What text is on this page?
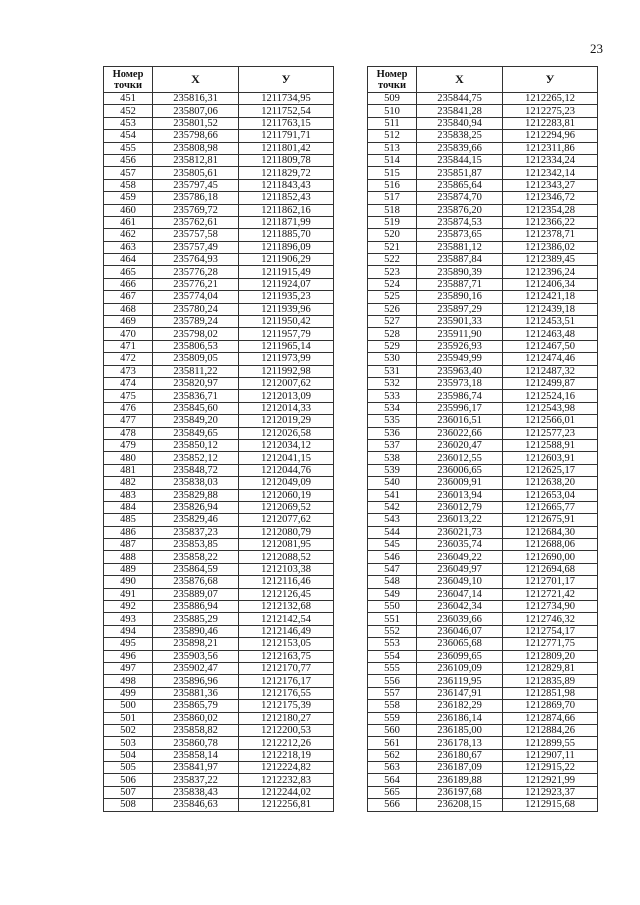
23
Номер
точки	X	У
451	235816,31	1211734,95
452	235807,06	1211752,54
453	235801,52	1211763,15
454	235798,66	1211791,71
455	235808,98	1211801,42
456	235812,81	1211809,78
457	235805,61	1211829,72
458	235797,45	1211843,43
459	235786,18	1211852,43
460	235769,72	1211862,16
461	235762,61	1211871,99
462	235757,58	1211885,70
463	235757,49	1211896,09
464	235764,93	1211906,29
465	235776,28	1211915,49
466	235776,21	1211924,07
467	235774,04	1211935,23
468	235780,24	1211939,96
469	235789,24	1211950,42
470	235798,02	1211957,79
471	235806,53	1211965,14
472	235809,05	1211973,99
473	235811,22	1211992,98
474	235820,97	1212007,62
475	235836,71	1212013,09
476	235845,60	1212014,33
477	235849,20	1212019,29
478	235849,65	1212026,58
479	235850,12	1212034,12
480	235852,12	1212041,15
481	235848,72	1212044,76
482	235838,03	1212049,09
483	235829,88	1212060,19
484	235826,94	1212069,52
485	235829,46	1212077,62
486	235837,23	1212080,79
487	235853,85	1212081,95
488	235858,22	1212088,52
489	235864,59	1212103,38
490	235876,68	1212116,46
491	235889,07	1212126,45
492	235886,94	1212132,68
493	235885,29	1212142,54
494	235890,46	1212146,49
495	235898,21	1212153,05
496	235903,56	1212163,75
497	235902,47	1212170,77
498	235896,96	1212176,17
499	235881,36	1212176,55
500	235865,79	1212175,39
501	235860,02	1212180,27
502	235858,82	1212200,53
503	235860,78	1212212,26
504	235858,14	1212218,19
505	235841,97	1212224,82
506	235837,22	1212232,83
507	235838,43	1212244,02
508	235846,63	1212256,81
Номер
точки	X	У
509	235844,75	1212265,12
510	235841,28	1212275,23
511	235840,94	1212283,81
512	235838,25	1212294,96
513	235839,66	1212311,86
514	235844,15	1212334,24
515	235851,87	1212342,14
516	235865,64	1212343,27
517	235874,70	1212346,72
518	235876,20	1212354,28
519	235874,53	1212366,22
520	235873,65	1212378,71
521	235881,12	1212386,02
522	235887,84	1212389,45
523	235890,39	1212396,24
524	235887,71	1212406,34
525	235890,16	1212421,18
526	235897,29	1212439,18
527	235901,33	1212453,51
528	235911,90	1212463,48
529	235926,93	1212467,50
530	235949,99	1212474,46
531	235963,40	1212487,32
532	235973,18	1212499,87
533	235986,74	1212524,16
534	235996,17	1212543,98
535	236016,51	1212566,01
536	236022,66	1212577,23
537	236020,47	1212588,91
538	236012,55	1212603,91
539	236006,65	1212625,17
540	236009,91	1212638,20
541	236013,94	1212653,04
542	236012,79	1212665,77
543	236013,22	1212675,91
544	236021,73	1212684,30
545	236035,74	1212688,06
546	236049,22	1212690,00
547	236049,97	1212694,68
548	236049,10	1212701,17
549	236047,14	1212721,42
550	236042,34	1212734,90
551	236039,66	1212746,32
552	236046,07	1212754,17
553	236065,68	1212771,75
554	236099,65	1212809,20
555	236109,09	1212829,81
556	236119,95	1212835,89
557	236147,91	1212851,98
558	236182,29	1212869,70
559	236186,14	1212874,66
560	236185,00	1212884,26
561	236178,13	1212899,55
562	236180,67	1212907,11
563	236187,09	1212915,22
564	236189,88	1212921,99
565	236197,68	1212923,37
566	236208,15	1212915,68
